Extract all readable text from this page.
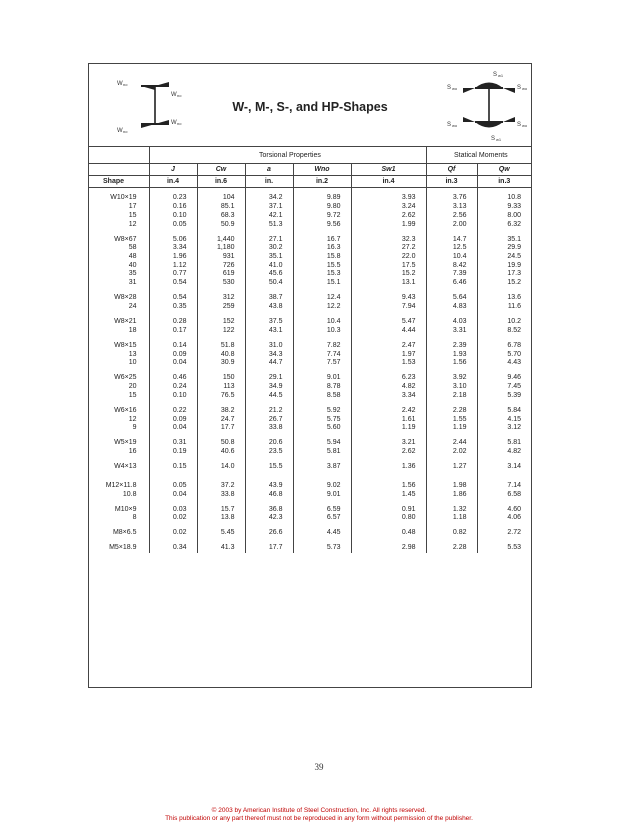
W no
W no
W no
W no
W-, M-, S-, and HP-Shapes
S w1
S wo	S wo
S wo	S wo
S w1
Torsional Properties	Statical Moments
	J	Cw	a	Wno	Sw1	Qf	Qw
Shape	in.4	in.6	in.	in.2	in.4	in.3	in.3

W10×19	0.23	104	34.2	9.89	3.93	3.76	10.8
17	0.16	85.1	37.1	9.80	3.24	3.13	9.33
15	0.10	68.3	42.1	9.72	2.62	2.56	8.00
12	0.05	50.9	51.3	9.56	1.99	2.00	6.32

W8×67	5.06	1,440	27.1	16.7	32.3	14.7	35.1
58	3.34	1,180	30.2	16.3	27.2	12.5	29.9
48	1.96	931	35.1	15.8	22.0	10.4	24.5
40	1.12	726	41.0	15.5	17.5	8.42	19.9
35	0.77	619	45.6	15.3	15.2	7.39	17.3
31	0.54	530	50.4	15.1	13.1	6.46	15.2

W8×28	0.54	312	38.7	12.4	9.43	5.64	13.6
24	0.35	259	43.8	12.2	7.94	4.83	11.6

W8×21	0.28	152	37.5	10.4	5.47	4.03	10.2
18	0.17	122	43.1	10.3	4.44	3.31	8.52

W8×15	0.14	51.8	31.0	7.82	2.47	2.39	6.78
13	0.09	40.8	34.3	7.74	1.97	1.93	5.70
10	0.04	30.9	44.7	7.57	1.53	1.56	4.43

W6×25	0.46	150	29.1	9.01	6.23	3.92	9.46
20	0.24	113	34.9	8.78	4.82	3.10	7.45
15	0.10	76.5	44.5	8.58	3.34	2.18	5.39

W6×16	0.22	38.2	21.2	5.92	2.42	2.28	5.84
12	0.09	24.7	26.7	5.75	1.61	1.55	4.15
9	0.04	17.7	33.8	5.60	1.19	1.19	3.12

W5×19	0.31	50.8	20.6	5.94	3.21	2.44	5.81
16	0.19	40.6	23.5	5.81	2.62	2.02	4.82

W4×13	0.15	14.0	15.5	3.87	1.36	1.27	3.14

M12×11.8	0.05	37.2	43.9	9.02	1.56	1.98	7.14
10.8	0.04	33.8	46.8	9.01	1.45	1.86	6.58

M10×9	0.03	15.7	36.8	6.59	0.91	1.32	4.60
8	0.02	13.8	42.3	6.57	0.80	1.18	4.06

M8×6.5	0.02	5.45	26.6	4.45	0.48	0.82	2.72

M5×18.9	0.34	41.3	17.7	5.73	2.98	2.28	5.53
39
© 2003 by American Institute of Steel Construction, Inc. All rights reserved.
This publication or any part thereof must not be reproduced in any form without permission of the publisher.
